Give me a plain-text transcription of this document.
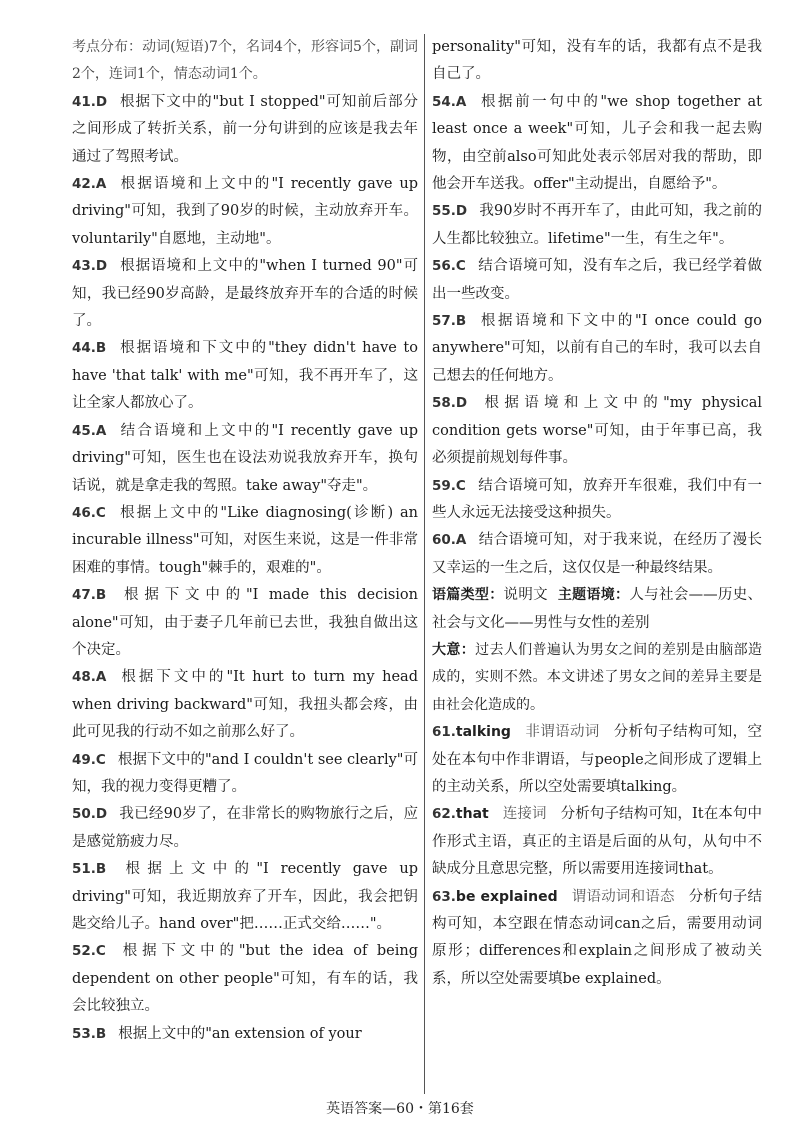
考点分布：动词(短语)7个，名词4个，形容词5个，副词2个，连词1个，情态动词1个。

41.D 根据下文中的"but I stopped"可知前后部分之间形成了转折关系，前一分句讲到的应该是我去年通过了驾照考试。

42.A 根据语境和上文中的"I recently gave up driving"可知，我到了90岁的时候，主动放弃开车。voluntarily"自愿地，主动地"。

43.D 根据语境和上文中的"when I turned 90"可知，我已经90岁高龄，是最终放弃开车的合适的时候了。

44.B 根据语境和下文中的"they didn't have to have 'that talk' with me"可知，我不再开车了，这让全家人都放心了。

45.A 结合语境和上文中的"I recently gave up driving"可知，医生也在设法劝说我放弃开车，换句话说，就是拿走我的驾照。take away"夺走"。

46.C 根据上文中的"Like diagnosing(诊断) an incurable illness"可知，对医生来说，这是一件非常困难的事情。tough"棘手的，艰难的"。

47.B 根据下文中的"I made this decision alone"可知，由于妻子几年前已去世，我独自做出这个决定。

48.A 根据下文中的"It hurt to turn my head when driving backward"可知，我扭头都会疼，由此可见我的行动不如之前那么好了。

49.C 根据下文中的"and I couldn't see clearly"可知，我的视力变得更糟了。

50.D 我已经90岁了，在非常长的购物旅行之后，应是感觉筋疲力尽。

51.B 根据上文中的"I recently gave up driving"可知，我近期放弃了开车，因此，我会把钥匙交给儿子。hand over"把……正式交给……"。

52.C 根据下文中的"but the idea of being dependent on other people"可知，有车的话，我会比较独立。

53.B 根据上文中的"an extension of your

personality"可知，没有车的话，我都有点不是我自己了。

54.A 根据前一句中的"we shop together at least once a week"可知，儿子会和我一起去购物，由空前also可知此处表示邻居对我的帮助，即他会开车送我。offer"主动提出，自愿给予"。

55.D 我90岁时不再开车了，由此可知，我之前的人生都比较独立。lifetime"一生，有生之年"。

56.C 结合语境可知，没有车之后，我已经学着做出一些改变。

57.B 根据语境和下文中的"I once could go anywhere"可知，以前有自己的车时，我可以去自己想去的任何地方。

58.D 根据语境和上文中的"my physical condition gets worse"可知，由于年事已高，我必须提前规划每件事。

59.C 结合语境可知，放弃开车很难，我们中有一些人永远无法接受这种损失。

60.A 结合语境可知，对于我来说，在经历了漫长又幸运的一生之后，这仅仅是一种最终结果。

语篇类型：说明文 主题语境：人与社会——历史、社会与文化——男性与女性的差别

大意：过去人们普遍认为男女之间的差别是由脑部造成的，实则不然。本文讲述了男女之间的差异主要是由社会化造成的。

61.talking 非谓语动词 分析句子结构可知，空处在本句中作非谓语，与people之间形成了逻辑上的主动关系，所以空处需要填talking。

62.that 连接词 分析句子结构可知，It在本句中作形式主语，真正的主语是后面的从句，从句中不缺成分且意思完整，所以需要用连接词that。

63.be explained 谓语动词和语态 分析句子结构可知，本空跟在情态动词can之后，需要用动词原形；differences和explain之间形成了被动关系，所以空处需要填be explained。

英语答案—60・第16套
